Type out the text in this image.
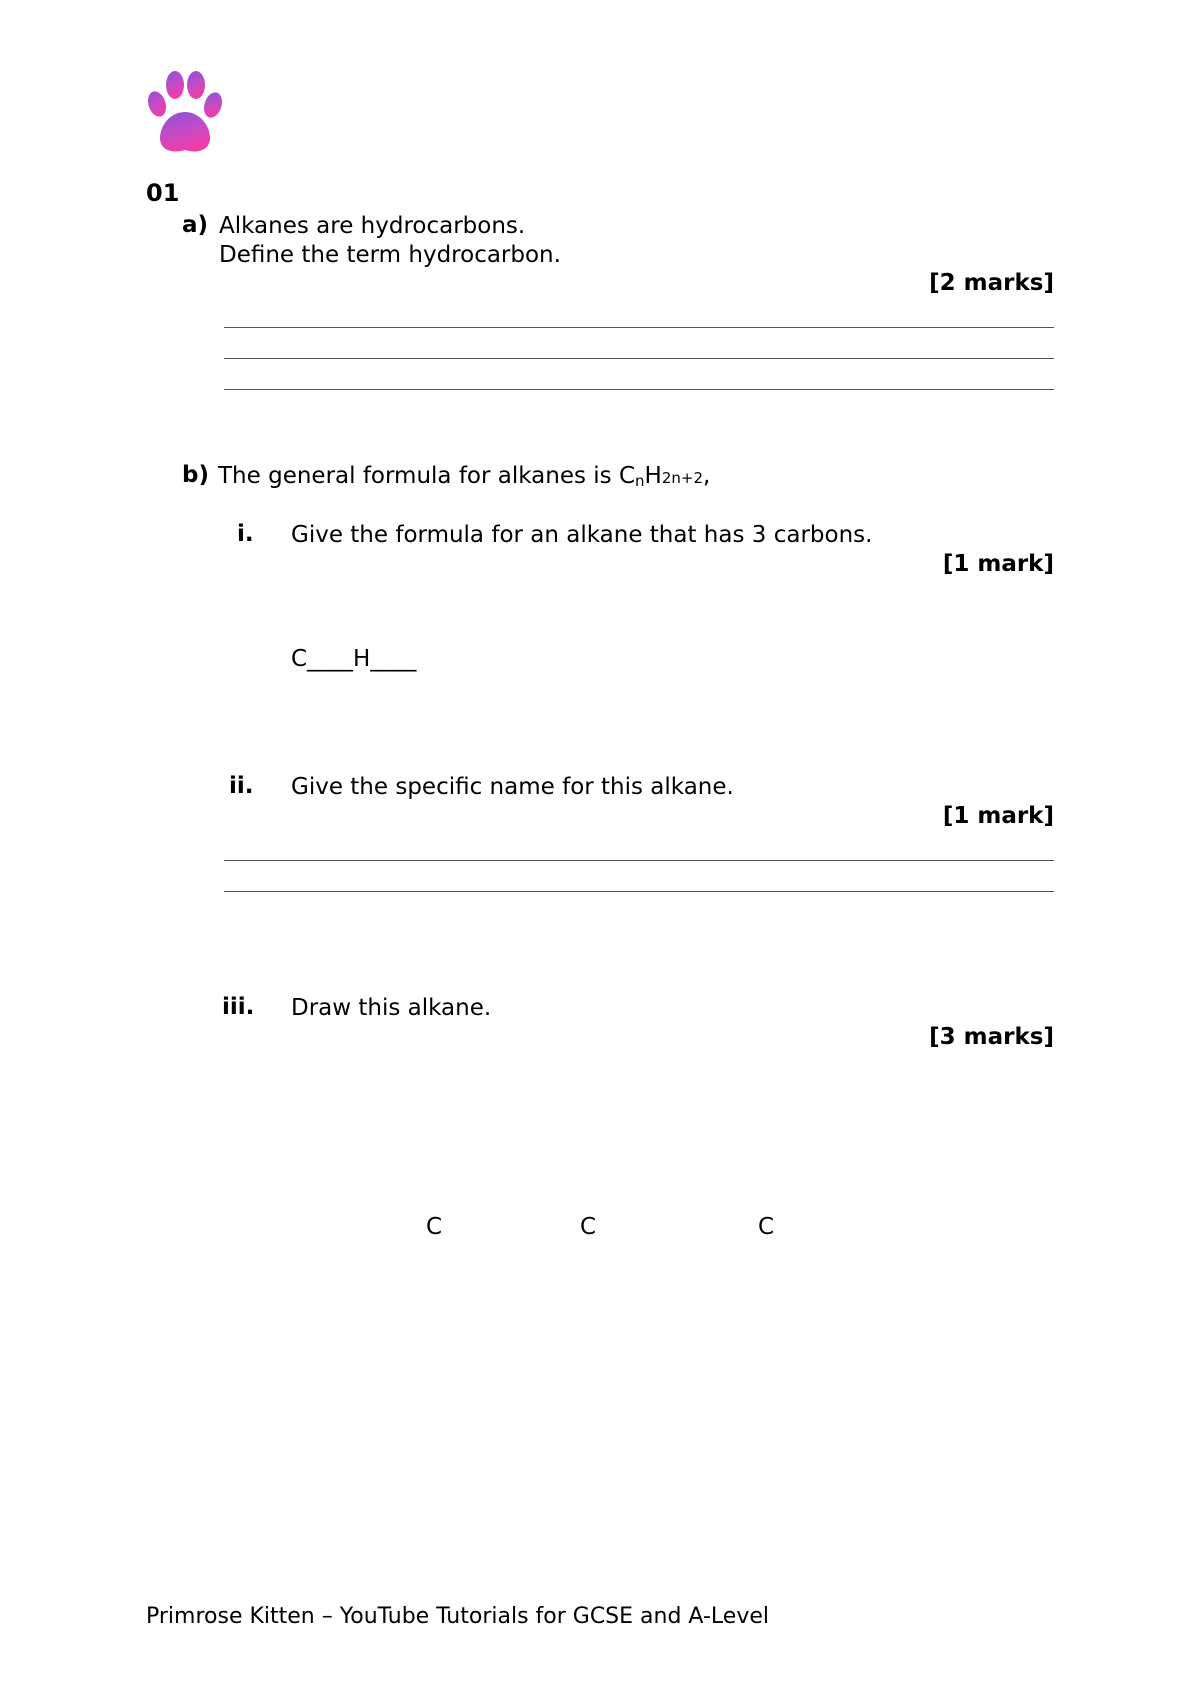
01
a) Alkanes are hydrocarbons.
Define the term hydrocarbon.
[2 marks]
b) The general formula for alkanes is $C_nH2n+2$,
i. Give the formula for an alkane that has 3 carbons.
[1 mark]
C____H____
ii. Give the specific name for this alkane.
[1 mark]
iii. Draw this alkane.
[3 marks]
C	C	C
Primrose Kitten – YouTube Tutorials for GCSE and A-Level
